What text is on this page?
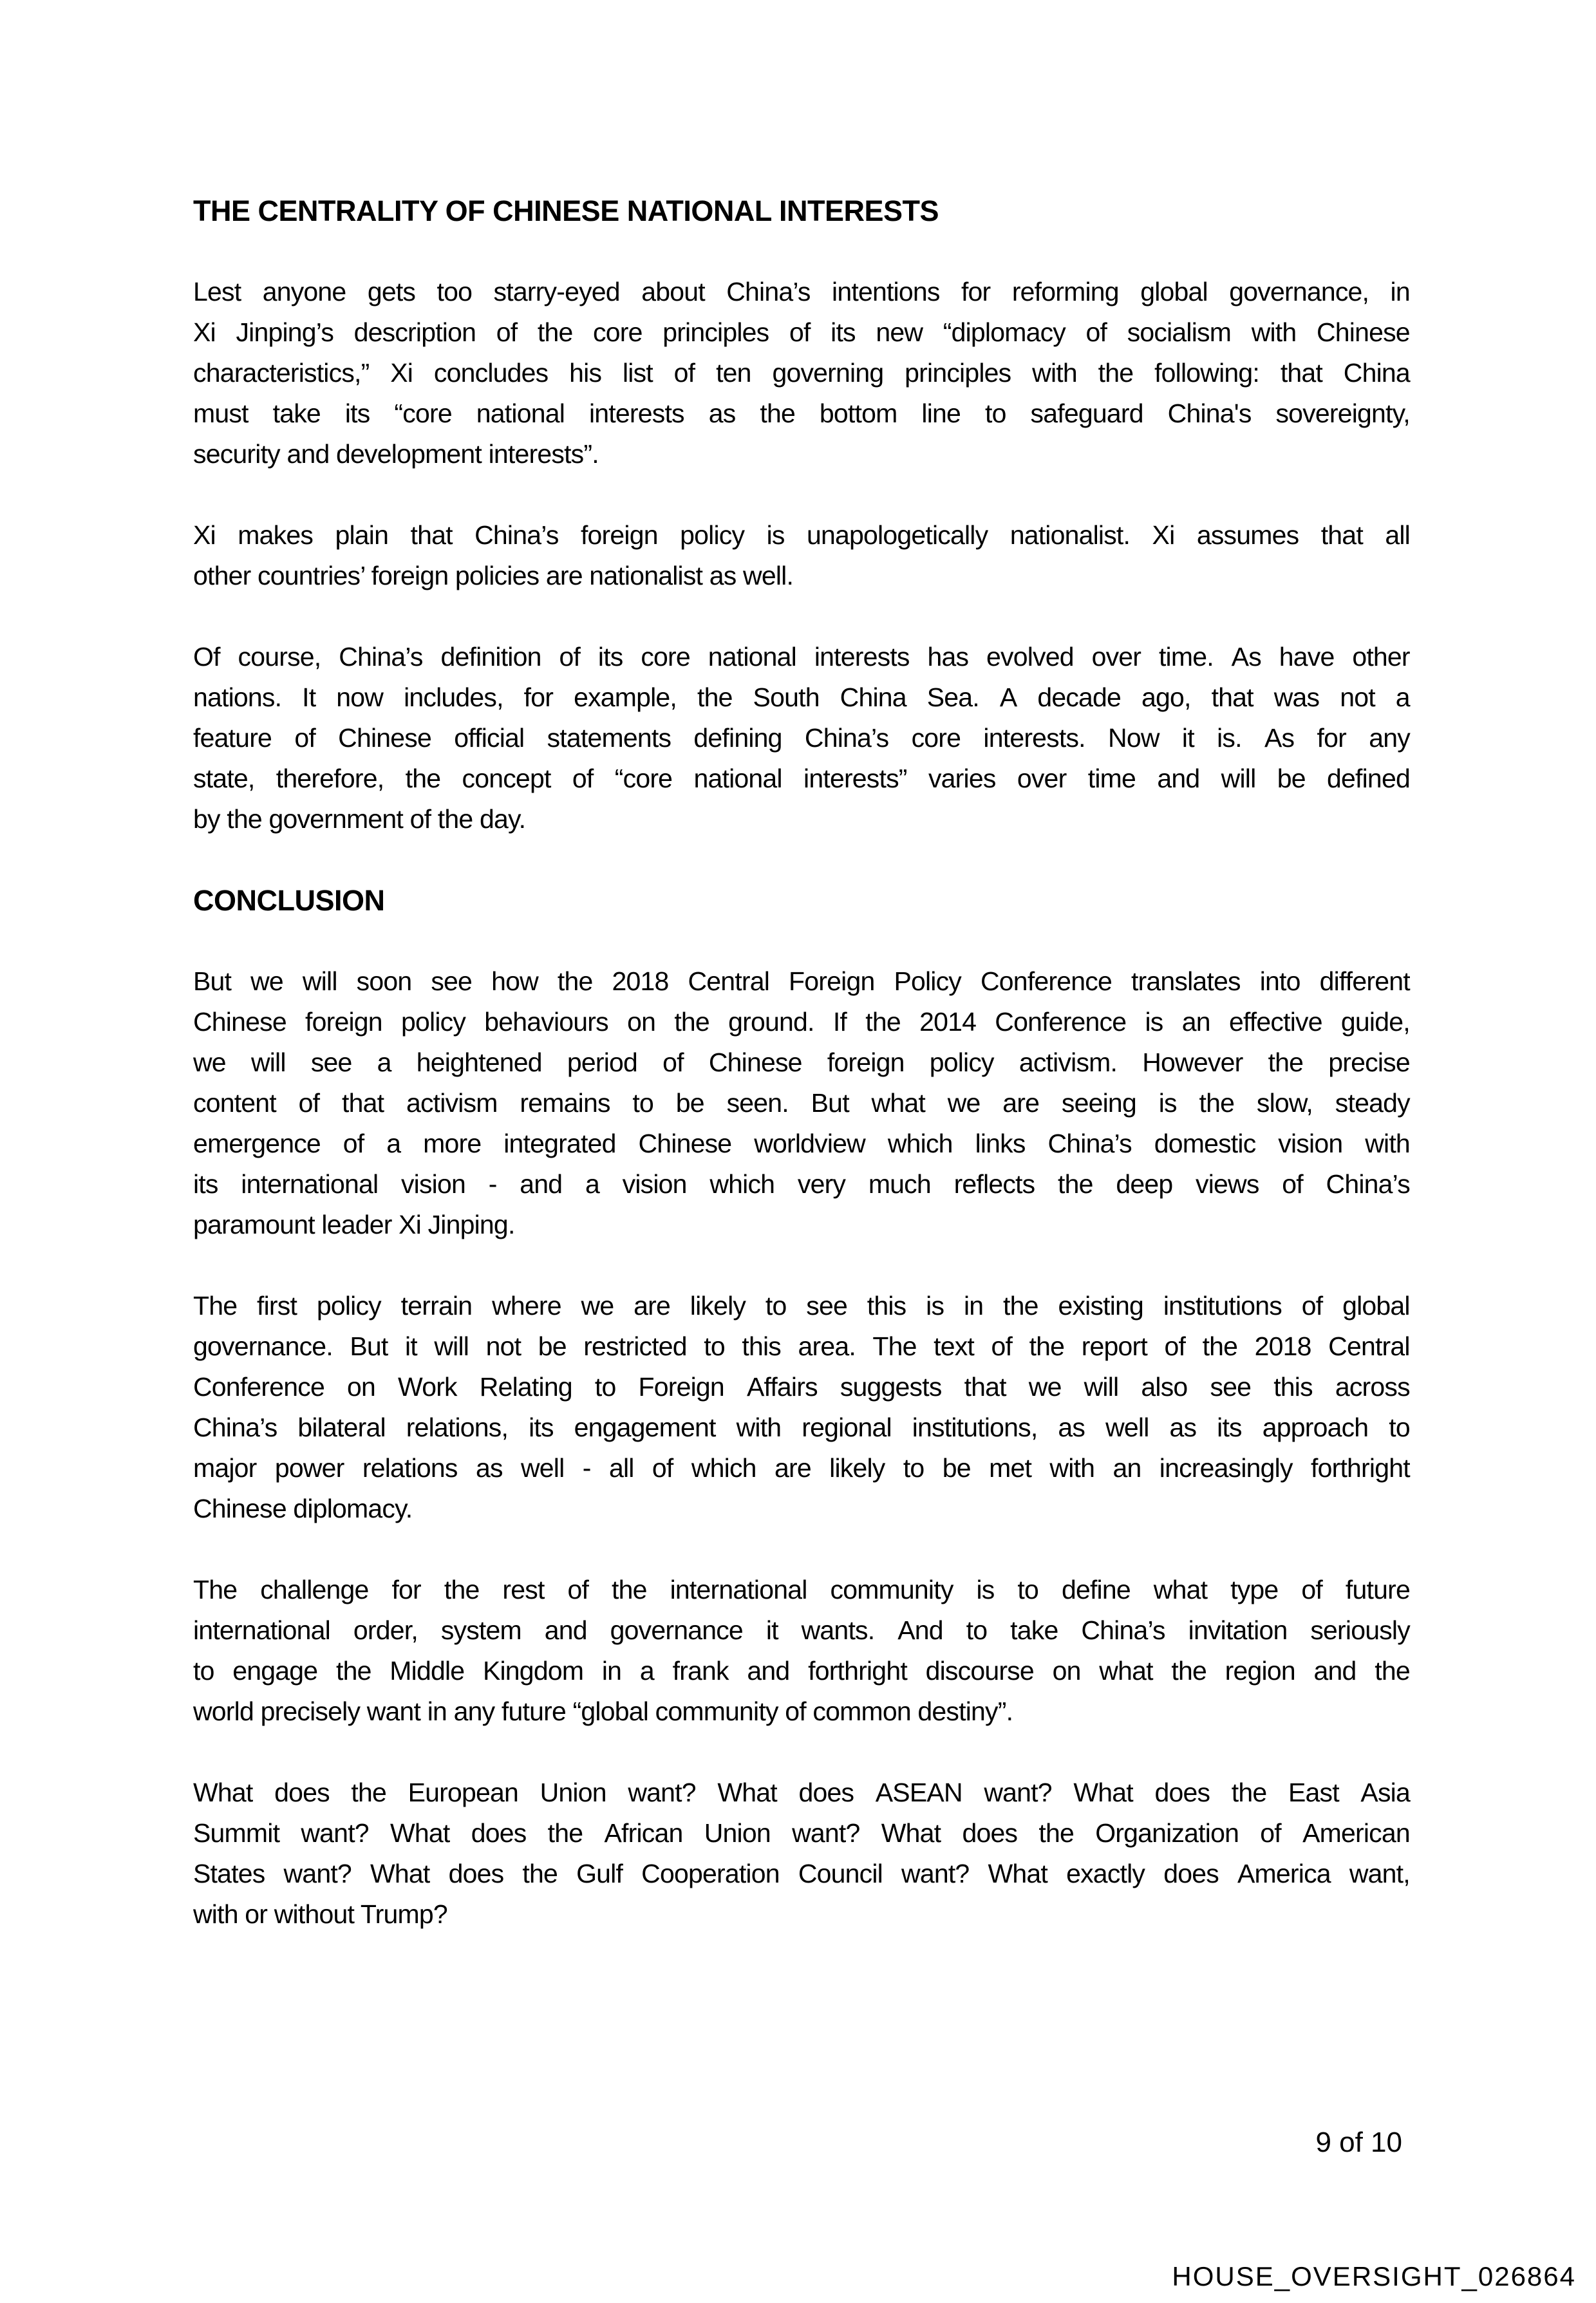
THE CENTRALITY OF CHINESE NATIONAL INTERESTS

Lest anyone gets too starry-eyed about China’s intentions for reforming global governance, in
Xi Jinping’s description of the core principles of its new “diplomacy of socialism with Chinese
characteristics,” Xi concludes his list of ten governing principles with the following: that China
must take its “core national interests as the bottom line to safeguard China's sovereignty,
security and development interests”.

Xi makes plain that China’s foreign policy is unapologetically nationalist. Xi assumes that all
other countries’ foreign policies are nationalist as well.

Of course, China’s definition of its core national interests has evolved over time. As have other
nations. It now includes, for example, the South China Sea. A decade ago, that was not a
feature of Chinese official statements defining China’s core interests. Now it is. As for any
state, therefore, the concept of “core national interests” varies over time and will be defined
by the government of the day.

CONCLUSION

But we will soon see how the 2018 Central Foreign Policy Conference translates into different
Chinese foreign policy behaviours on the ground. If the 2014 Conference is an effective guide,
we will see a heightened period of Chinese foreign policy activism. However the precise
content of that activism remains to be seen. But what we are seeing is the slow, steady
emergence of a more integrated Chinese worldview which links China’s domestic vision with
its international vision - and a vision which very much reflects the deep views of China’s
paramount leader Xi Jinping.

The first policy terrain where we are likely to see this is in the existing institutions of global
governance. But it will not be restricted to this area. The text of the report of the 2018 Central
Conference on Work Relating to Foreign Affairs suggests that we will also see this across
China’s bilateral relations, its engagement with regional institutions, as well as its approach to
major power relations as well - all of which are likely to be met with an increasingly forthright
Chinese diplomacy.

The challenge for the rest of the international community is to define what type of future
international order, system and governance it wants. And to take China’s invitation seriously
to engage the Middle Kingdom in a frank and forthright discourse on what the region and the
world precisely want in any future “global community of common destiny”.

What does the European Union want? What does ASEAN want? What does the East Asia
Summit want? What does the African Union want? What does the Organization of American
States want? What does the Gulf Cooperation Council want? What exactly does America want,
with or without Trump?

9 of 10
HOUSE_OVERSIGHT_026864
